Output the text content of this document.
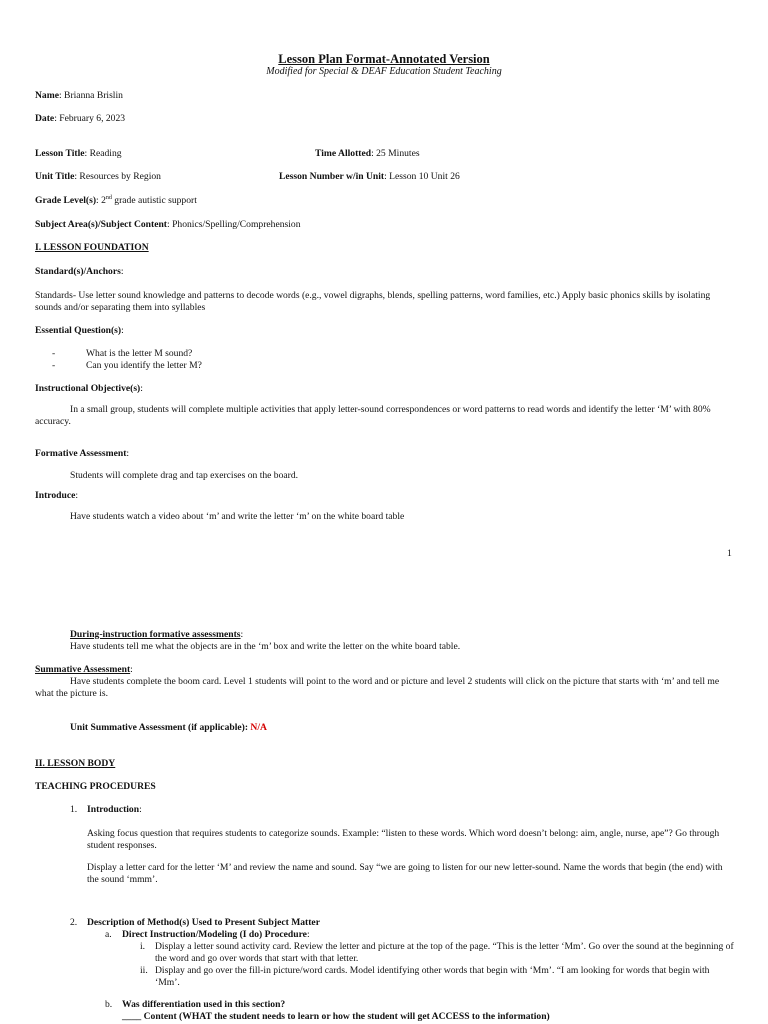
Lesson Plan Format-Annotated Version
Modified for Special & DEAF Education Student Teaching
Name: Brianna Brislin
Date: February 6, 2023
Lesson Title: Reading	Time Allotted: 25 Minutes
Unit Title: Resources by Region	Lesson Number w/in Unit: Lesson 10 Unit 26
Grade Level(s): 2nd grade autistic support
Subject Area(s)/Subject Content: Phonics/Spelling/Comprehension
I. LESSON FOUNDATION
Standard(s)/Anchors:
Standards- Use letter sound knowledge and patterns to decode words (e.g., vowel digraphs, blends, spelling patterns, word families, etc.) Apply basic phonics skills by isolating sounds and/or separating them into syllables
Essential Question(s):
-	What is the letter M sound?
-	Can you identify the letter M?
Instructional Objective(s):
In a small group, students will complete multiple activities that apply letter-sound correspondences or word patterns to read words and identify the letter ‘M’ with 80% accuracy.
Formative Assessment:
Students will complete drag and tap exercises on the board.
Introduce:
Have students watch a video about ‘m’ and write the letter ‘m’ on the white board table
1
During-instruction formative assessments:
Have students tell me what the objects are in the ‘m’ box and write the letter on the white board table.
Summative Assessment:
Have students complete the boom card. Level 1 students will point to the word and or picture and level 2 students will click on the picture that starts with ‘m’ and tell me what the picture is.
Unit Summative Assessment (if applicable): N/A
II. LESSON BODY
TEACHING PROCEDURES
1. Introduction:
Asking focus question that requires students to categorize sounds. Example: “listen to these words. Which word doesn’t belong: aim, angle, nurse, ape”? Go through student responses.
Display a letter card for the letter ‘M’ and review the name and sound. Say “we are going to listen for our new letter-sound. Name the words that begin (the end) with the sound ‘mmm’.
2. Description of Method(s) Used to Present Subject Matter
a. Direct Instruction/Modeling (I do) Procedure:
i. Display a letter sound activity card. Review the letter and picture at the top of the page. “This is the letter ‘Mm’. Go over the sound at the beginning of the word and go over words that start with that letter.
ii. Display and go over the fill-in picture/word cards. Model identifying other words that begin with ‘Mm’. “I am looking for words that begin with ‘Mm’.
b. Was differentiation used in this section?
____ Content (WHAT the student needs to learn or how the student will get ACCESS to the information)
